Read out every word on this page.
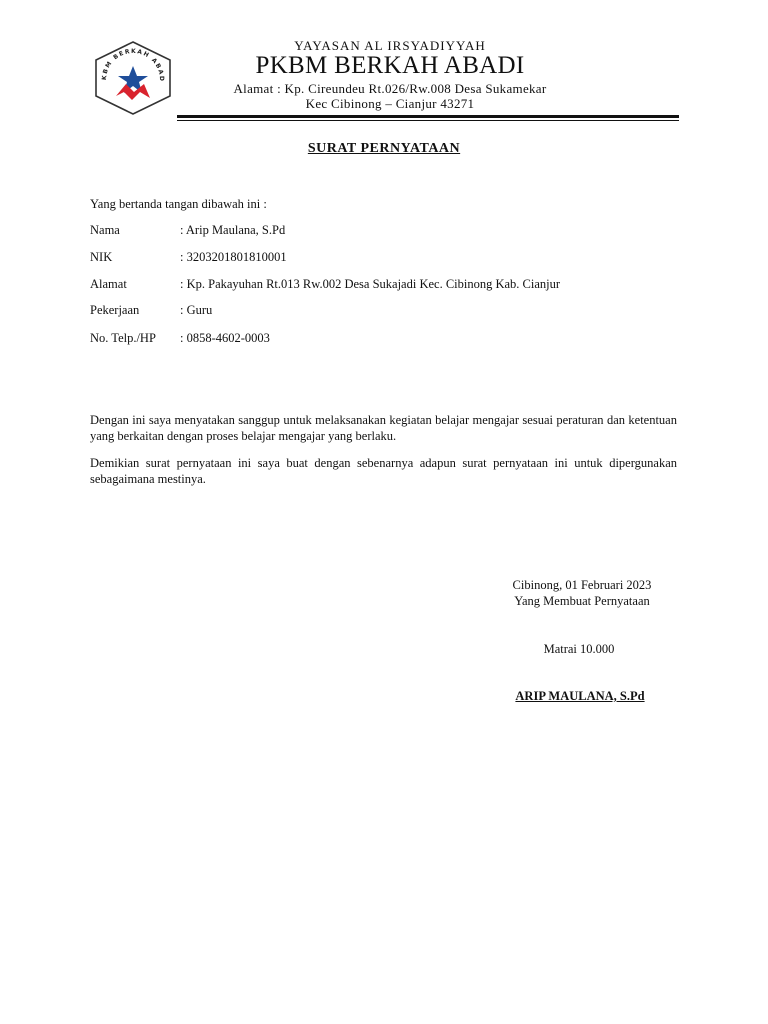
KBM BERKAH ABAD
YAYASAN AL IRSYADIYYAH
PKBM BERKAH ABADI
Alamat : Kp. Cireundeu Rt.026/Rw.008 Desa Sukamekar
Kec Cibinong – Cianjur 43271
SURAT PERNYATAAN
Yang bertanda tangan dibawah ini :
Nama	: Arip Maulana, S.Pd
NIK	: 3203201801810001
Alamat	: Kp. Pakayuhan Rt.013 Rw.002 Desa Sukajadi Kec. Cibinong Kab. Cianjur
Pekerjaan	: Guru
No. Telp./HP : 0858-4602-0003
Dengan ini saya menyatakan sanggup untuk melaksanakan kegiatan belajar mengajar sesuai peraturan dan ketentuan yang berkaitan dengan proses belajar mengajar yang berlaku.
Demikian surat pernyataan ini saya buat dengan sebenarnya adapun surat pernyataan ini untuk dipergunakan sebagaimana mestinya.
Cibinong, 01 Februari 2023
Yang Membuat Pernyataan
Matrai 10.000
ARIP MAULANA, S.Pd
